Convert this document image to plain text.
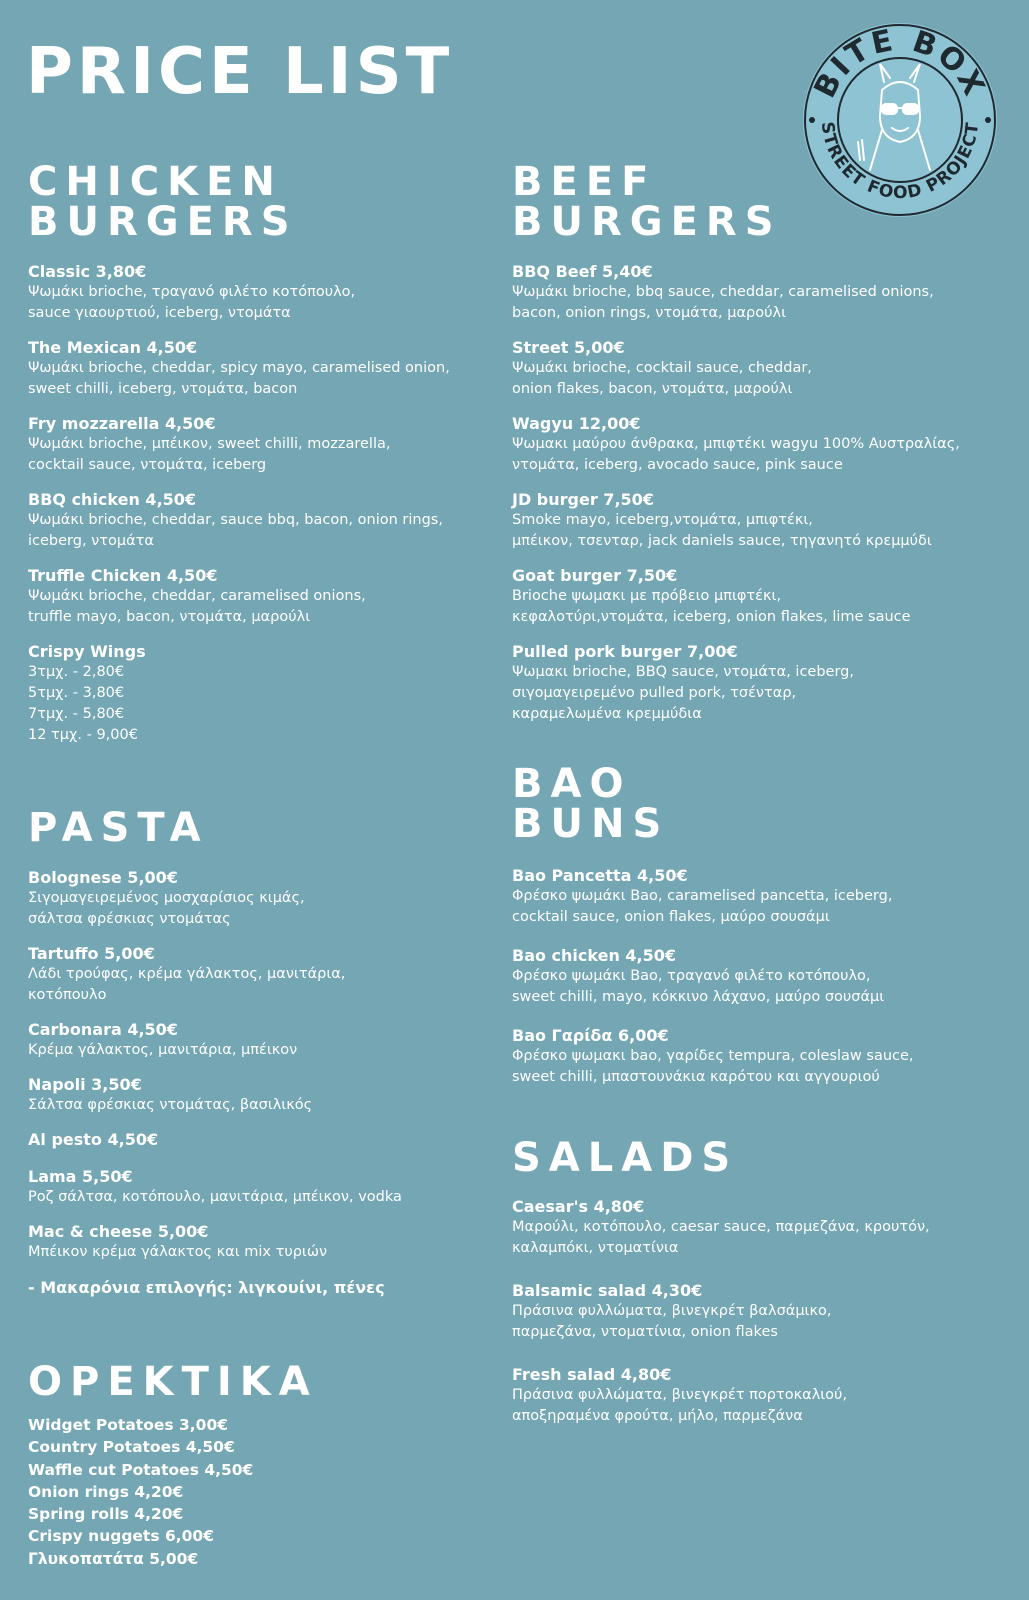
PRICE LIST	BITE BOX
STREET FOOD PROJECT
CHICKEN
BURGERS
Classic 3,80€
Ψωμάκι brioche, τραγανό φιλέτο κοτόπουλο,
sauce γιαουρτιού, iceberg, ντομάτα
The Mexican 4,50€
Ψωμάκι brioche, cheddar, spicy mayo, caramelised onion,
sweet chilli, iceberg, ντομάτα, bacon
Fry mozzarella 4,50€
Ψωμάκι brioche, μπέικον, sweet chilli, mozzarella,
cocktail sauce, ντομάτα, iceberg
BBQ chicken 4,50€
Ψωμάκι brioche, cheddar, sauce bbq, bacon, onion rings,
iceberg, ντομάτα
Truffle Chicken 4,50€
Ψωμάκι brioche, cheddar, caramelised onions,
truffle mayo, bacon, ντομάτα, μαρούλι
Crispy Wings
3τμχ. - 2,80€
5τμχ. - 3,80€
7τμχ. - 5,80€
12 τμχ. - 9,00€
PASTA
Bolognese 5,00€
Σιγομαγειρεμένος μοσχαρίσιος κιμάς,
σάλτσα φρέσκιας ντομάτας
Tartuffo 5,00€
Λάδι τρούφας, κρέμα γάλακτος, μανιτάρια,
κοτόπουλο
Carbonara 4,50€
Κρέμα γάλακτος, μανιτάρια, μπέικον
Napoli 3,50€
Σάλτσα φρέσκιας ντομάτας, βασιλικός
Al pesto 4,50€
Lama 5,50€
Ροζ σάλτσα, κοτόπουλο, μανιτάρια, μπέικον, vodka
Mac & cheese 5,00€
Μπέικον κρέμα γάλακτος και mix τυριών
- Μακαρόνια επιλογής: λιγκουίνι, πένες
OPEKTIKA
Widget Potatoes 3,00€
Country Potatoes 4,50€
Waffle cut Potatoes 4,50€
Onion rings 4,20€
Spring rolls 4,20€
Crispy nuggets 6,00€
Γλυκοπατάτα 5,00€
BEEF
BURGERS
BBQ Beef 5,40€
Ψωμάκι brioche, bbq sauce, cheddar, caramelised onions,
bacon, onion rings, ντομάτα, μαρούλι
Street 5,00€
Ψωμάκι brioche, cocktail sauce, cheddar,
onion flakes, bacon, ντομάτα, μαρούλι
Wagyu 12,00€
Ψωμακι μαύρου άνθρακα, μπιφτέκι wagyu 100% Αυστραλίας,
ντομάτα, iceberg, avocado sauce, pink sauce
JD burger 7,50€
Smoke mayo, iceberg,ντομάτα, μπιφτέκι,
μπέικον, τσενταρ, jack daniels sauce, τηγανητό κρεμμύδι
Goat burger 7,50€
Brioche ψωμακι με πρόβειο μπιφτέκι,
κεφαλοτύρι,ντομάτα, iceberg, onion flakes, lime sauce
Pulled pork burger 7,00€
Ψωμακι brioche, BBQ sauce, ντομάτα, iceberg,
σιγομαγειρεμένο pulled pork, τσένταρ,
καραμελωμένα κρεμμύδια
BAO
BUNS
Bao Pancetta 4,50€
Φρέσκο ψωμάκι Bao, caramelised pancetta, iceberg,
cocktail sauce, onion flakes, μαύρο σουσάμι
Bao chicken 4,50€
Φρέσκο ψωμάκι Bao, τραγανό φιλέτο κοτόπουλο,
sweet chilli, mayo, κόκκινο λάχανο, μαύρο σουσάμι
Bao Γαρίδα 6,00€
Φρέσκο ψωμακι bao, γαρίδες tempura, coleslaw sauce,
sweet chilli, μπαστουνάκια καρότου και αγγουριού
SALADS
Caesar's 4,80€
Μαρούλι, κοτόπουλο, caesar sauce, παρμεζάνα, κρουτόν,
καλαμπόκι, ντοματίνια
Balsamic salad 4,30€
Πράσινα φυλλώματα, βινεγκρέτ βαλσάμικο,
παρμεζάνα, ντοματίνια, onion flakes
Fresh salad 4,80€
Πράσινα φυλλώματα, βινεγκρέτ πορτοκαλιού,
αποξηραμένα φρούτα, μήλο, παρμεζάνα
